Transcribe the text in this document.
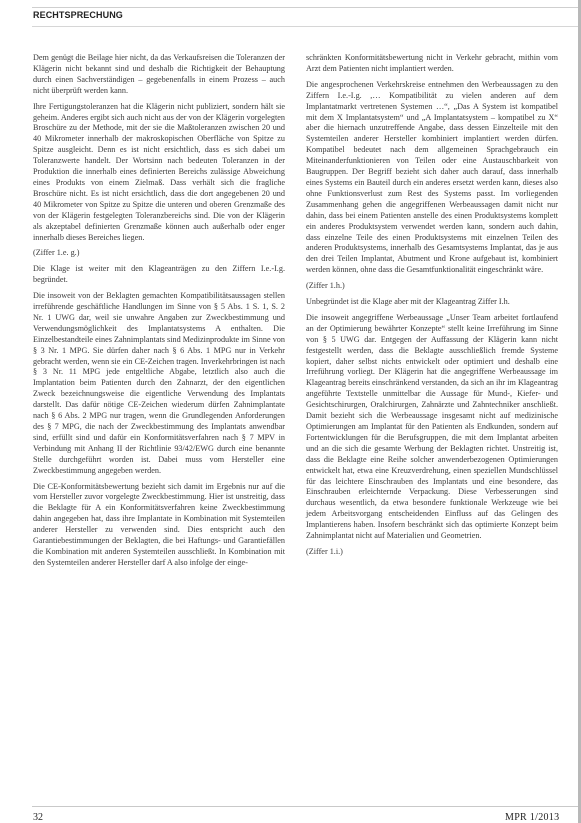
RECHTSPRECHUNG

Dem genügt die Beilage hier nicht, da das Verkaufsreisen die Toleranzen der Klägerin nicht bekannt sind und deshalb die Richtigkeit der Behauptung durch einen Sachverständigen – gegebenenfalls in einem Prozess – auch nicht überprüft werden kann.

Ihre Fertigungstoleranzen hat die Klägerin nicht publiziert, sondern hält sie geheim. Anderes ergibt sich auch nicht aus der von der Klägerin vorgelegten Broschüre zu der Methode, mit der sie die Maßtoleranzen zwischen 20 und 40 Mikrometer innerhalb der makroskopischen Oberfläche von Spitze zu Spitze ausgleicht. Denn es ist nicht ersichtlich, dass es sich dabei um Toleranzwerte handelt. Der Wortsinn nach bedeuten Toleranzen in der Produktion die innerhalb eines definierten Bereichs zulässige Abweichung eines Produkts von einem Zielmaß. Dass verhält sich die fragliche Broschüre nicht. Es ist nicht ersichtlich, dass die dort angegebenen 20 und 40 Mikrometer von Spitze zu Spitze die unteren und oberen Grenzmaße des von der Klägerin festgelegten Toleranzbereichs sind. Die von der Klägerin als akzeptabel definierten Grenzmaße können auch außerhalb oder enger innerhalb dieses Bereiches liegen.

(Ziffer 1.e. g.)

Die Klage ist weiter mit den Klageanträgen zu den Ziffern I.e.-I.g. begründet.

Die insoweit von der Beklagten gemachten Kompatibilitätsaussagen stellen irreführende geschäftliche Handlungen im Sinne von § 5 Abs. 1 S. 1, S. 2 Nr. 1 UWG dar, weil sie unwahre Angaben zur Zweckbestimmung und Verwendungsmöglichkeit des Implantatsystems A enthalten. Die Einzelbestandteile eines Zahnimplantats sind Medizinprodukte im Sinne von § 3 Nr. 1 MPG. Sie dürfen daher nach § 6 Abs. 1 MPG nur in Verkehr gebracht werden, wenn sie ein CE-Zeichen tragen. Inverkehrbringen ist nach § 3 Nr. 11 MPG jede entgeltliche Abgabe, letztlich also auch die Implantation beim Patienten durch den Zahnarzt, der den eigentlichen Zweck bezeichnungsweise die eigentliche Verwendung des Implantats darstellt. Das dafür nötige CE-Zeichen wiederum dürfen Zahnimplantate nach § 6 Abs. 2 MPG nur tragen, wenn die Grundlegenden Anforderungen des § 7 MPG, die nach der Zweckbestimmung des Implantats anwendbar sind, erfüllt sind und dafür ein Konformitätsverfahren nach § 7 MPV in Verbindung mit Anhang II der Richtlinie 93/42/EWG durch eine benannte Stelle durchgeführt worden ist. Dabei muss vom Hersteller eine Zweckbestimmung angegeben werden.

Die CE-Konformitätsbewertung bezieht sich damit im Ergebnis nur auf die vom Hersteller zuvor vorgelegte Zweckbestimmung. Hier ist unstreitig, dass die Beklagte für A ein Konformitätsverfahren keine Zweckbestimmung dahin angegeben hat, dass ihre Implantate in Kombination mit Systemteilen anderer Hersteller zu verwenden sind. Dies entspricht auch den Garantiebestimmungen der Beklagten, die bei Haftungs- und Garantiefällen die Kombination mit anderen Systemteilen ausschließt. In Kombination mit den Systemteilen anderer Hersteller darf A also infolge der einge-

schränkten Konformitätsbewertung nicht in Verkehr gebracht, mithin vom Arzt dem Patienten nicht implantiert werden.

Die angesprochenen Verkehrskreise entnehmen den Werbeaussagen zu den Ziffern I.e.-I.g. ,… Kompatibilität zu vielen anderen auf dem Implantatmarkt vertretenen Systemen …“, „Das A System ist kompatibel mit dem X Implantatsystem“ und „A Implantatsystem – kompatibel zu X“ aber die hiernach unzutreffende Angabe, dass dessen Einzelteile mit den Systemteilen anderer Hersteller kombiniert implantiert werden dürfen. Kompatibel bedeutet nach dem allgemeinen Sprachgebrauch ein Miteinanderfunktionieren von Teilen oder eine Austauschbarkeit von Baugruppen. Der Begriff bezieht sich daher auch darauf, dass innerhalb eines Systems ein Bauteil durch ein anderes ersetzt werden kann, dieses also ohne Funktionsverlust zum Rest des Systems passt. Im vorliegenden Zusammenhang gehen die angegriffenen Werbeaussagen damit nicht nur dahin, dass bei einem Patienten anstelle des einen Produktsystems komplett ein anderes Produktsystem verwendet werden kann, sondern auch dahin, dass einzelne Teile des einen Produktsystems mit einzelnen Teilen des anderen Produktsystems, innerhalb des Gesamtsystems Implantat, das je aus den drei Teilen Implantat, Abutment und Krone aufgebaut ist, kombiniert werden können, ohne dass die Gesamtfunktionalität eingeschränkt wäre.

(Ziffer 1.h.)

Unbegründet ist die Klage aber mit der Klageantrag Ziffer I.h.

Die insoweit angegriffene Werbeaussage „Unser Team arbeitet fortlaufend an der Optimierung bewährter Konzepte“ stellt keine Irreführung im Sinne von § 5 UWG dar. Entgegen der Auffassung der Klägerin kann nicht festgestellt werden, dass die Beklagte ausschließlich fremde Systeme kopiert, daher selbst nichts entwickelt oder optimiert und deshalb eine Irreführung vorliegt. Der Klägerin hat die angegriffene Werbeaussage im Klageantrag bereits einschränkend verstanden, da sich an ihr im Klageantrag angeführte Textstelle unmittelbar die Aussage für Mund-, Kiefer- und Gesichtschirurgen, Oralchirurgen, Zahnärzte und Zahntechniker anschließt. Damit bezieht sich die Werbeaussage insgesamt nicht auf medizinische Optimierungen am Implantat für den Patienten als Endkunden, sondern auf Fortentwicklungen für die Berufsgruppen, die mit dem Implantat arbeiten und an die sich die gesamte Werbung der Beklagten richtet. Unstreitig ist, dass die Beklagte eine Reihe solcher anwenderbezogenen Optimierungen entwickelt hat, etwa eine Kreuzverdrehung, einen speziellen Mundschlüssel für das leichtere Einschrauben des Implantats und eine besondere, das Einschrauben erleichternde Verpackung. Diese Verbesserungen sind durchaus wesentlich, da etwa besondere funktionale Werkzeuge wie bei jedem Arbeitsvorgang entscheidenden Einfluss auf das Gelingen des Implantierens haben. Insofern beschränkt sich das optimierte Konzept beim Zahnimplantat nicht auf Materialien und Geometrien.

(Ziffer 1.i.)

32	MPR 1/2013
